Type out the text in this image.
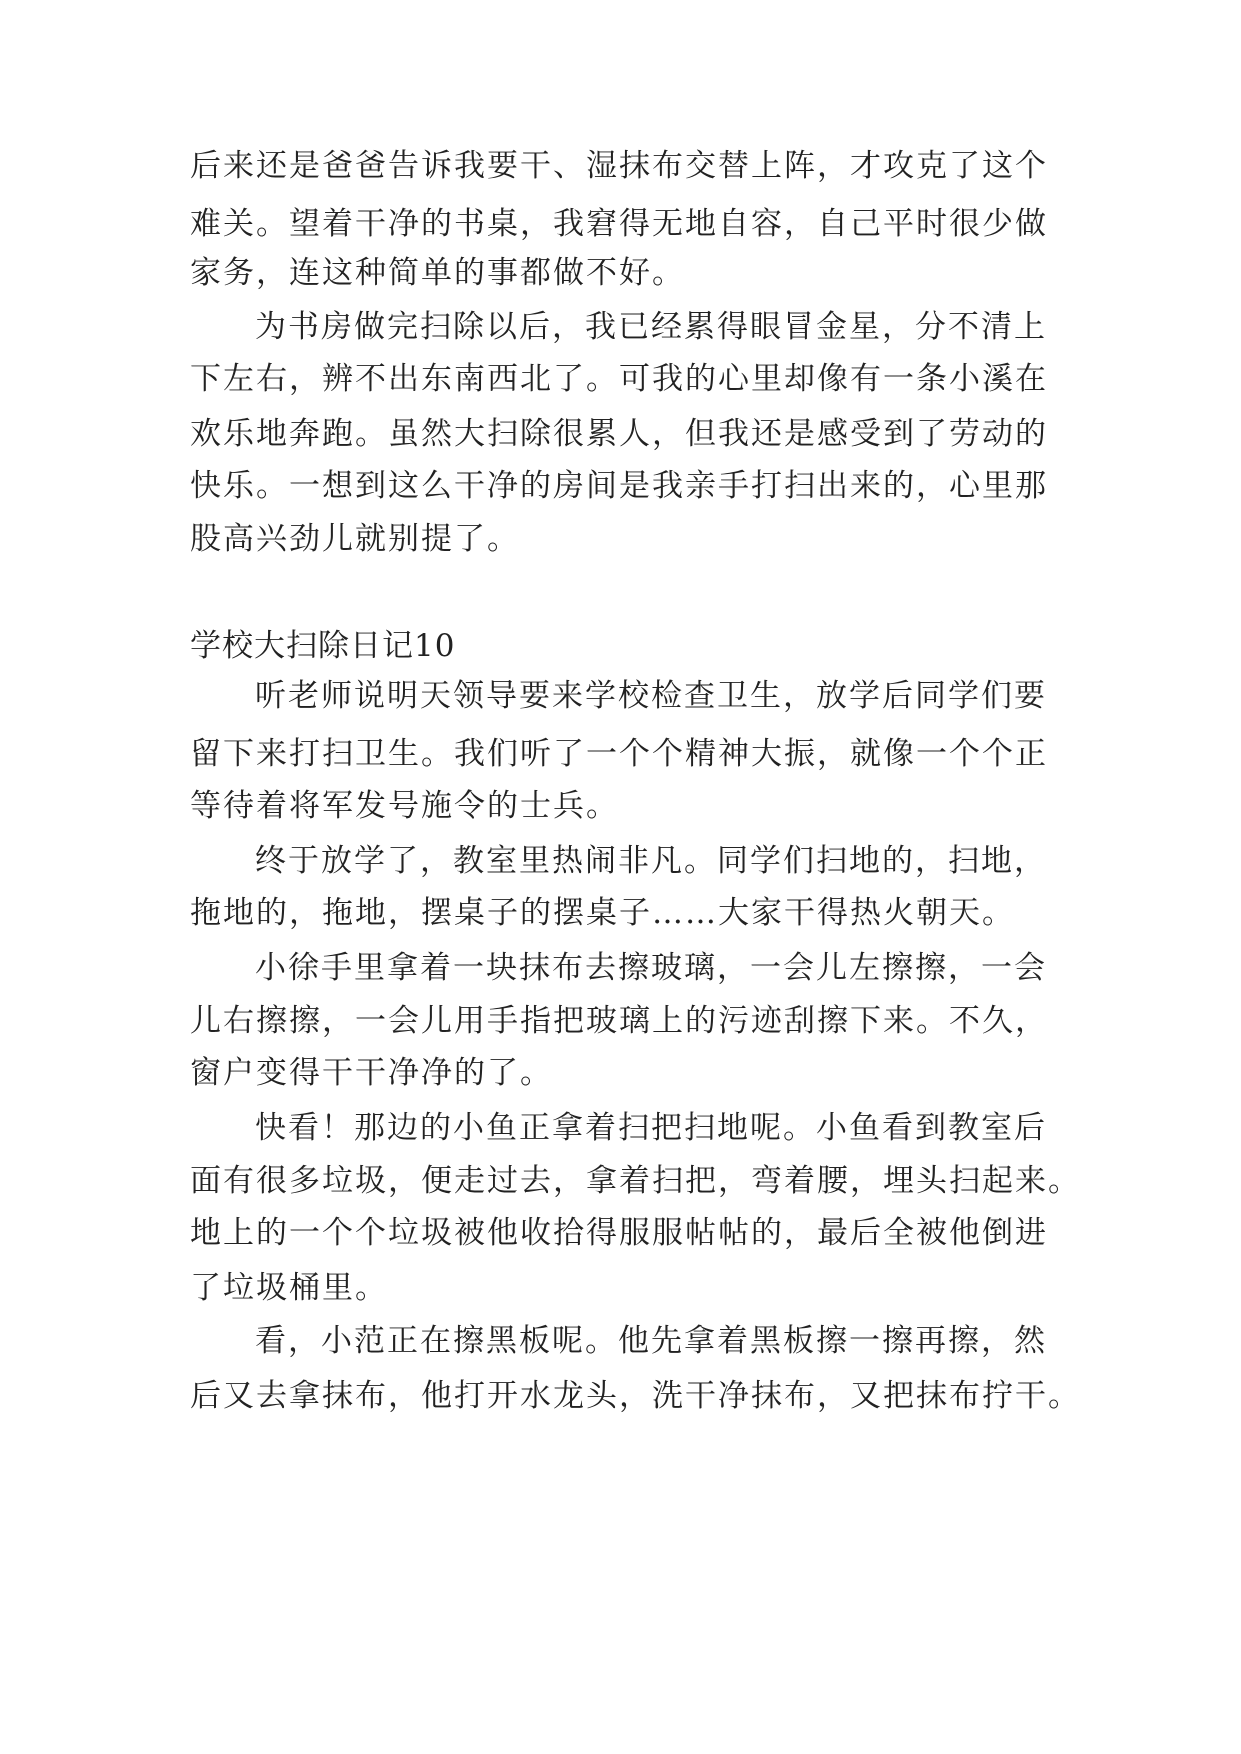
后来还是爸爸告诉我要干、湿抹布交替上阵，才攻克了这个
难关。望着干净的书桌，我窘得无地自容，自己平时很少做
家务，连这种简单的事都做不好。
为书房做完扫除以后，我已经累得眼冒金星，分不清上
下左右，辨不出东南西北了。可我的心里却像有一条小溪在
欢乐地奔跑。虽然大扫除很累人，但我还是感受到了劳动的
快乐。一想到这么干净的房间是我亲手打扫出来的，心里那
股高兴劲儿就别提了。
学校大扫除日记10
听老师说明天领导要来学校检查卫生，放学后同学们要
留下来打扫卫生。我们听了一个个精神大振，就像一个个正
等待着将军发号施令的士兵。
终于放学了，教室里热闹非凡。同学们扫地的，扫地，
拖地的，拖地，摆桌子的摆桌子……大家干得热火朝天。
小徐手里拿着一块抹布去擦玻璃，一会儿左擦擦，一会
儿右擦擦，一会儿用手指把玻璃上的污迹刮擦下来。不久，
窗户变得干干净净的了。
快看！那边的小鱼正拿着扫把扫地呢。小鱼看到教室后
面有很多垃圾，便走过去，拿着扫把，弯着腰，埋头扫起来。
地上的一个个垃圾被他收拾得服服帖帖的，最后全被他倒进
了垃圾桶里。
看，小范正在擦黑板呢。他先拿着黑板擦一擦再擦，然
后又去拿抹布，他打开水龙头，洗干净抹布，又把抹布拧干。
